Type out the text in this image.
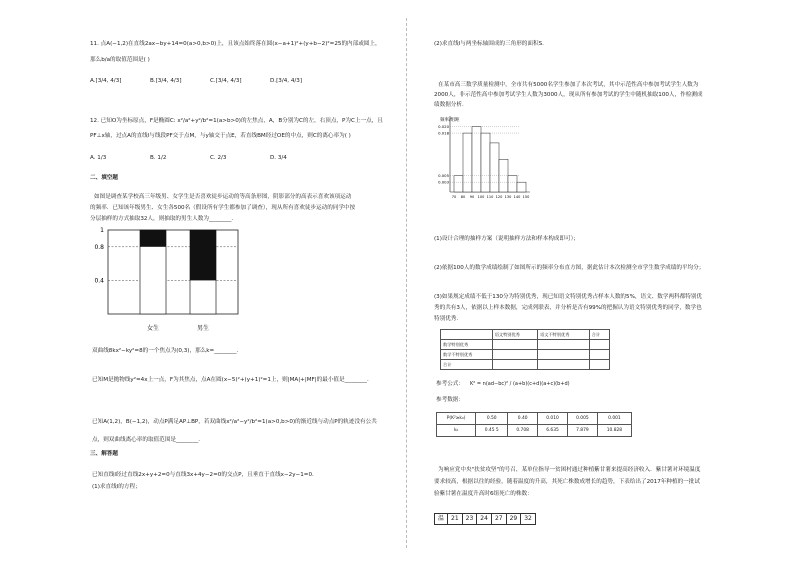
11. 点A(−1,2)在直线2ax−by+14=0(a>0,b>0)上，且该点始终落在圆(x−a+1)²+(y+b−2)²=25的内部或圆上，
那么b/a的取值范围是( )
A.[3/4, 4/3]	B.[3/4, 4/3]	C.[3/4, 4/3]	D.[3/4, 4/3]
12. 已知O为坐标原点，F是椭圆C: x²/a²+y²/b²=1(a>b>0)的左焦点，A，B分别为C的左，右顶点，P为C上一点，且
PF⊥x轴，过点A的直线l与线段PF交于点M，与y轴交于点E，若直线BM经过OE的中点，则C的离心率为( )
A. 1/3	B. 1/2	C. 2/3	D. 3/4
二、填空题
如图是调查某学校高三年级男、女学生是否喜欢徒步运动的等高条形图，阴影部分的高表示喜欢该项运动
的频率．已知该年级男生、女生各500名（假设所有学生都参加了调查），现从所有喜欢徒步运动的同学中按
分层抽样的方式抽取32人，则抽取的男生人数为________.
1
0.8
0.4
女生	男生
双曲线8kx²−ky²=8的一个焦点为(0,3)，那么k=________.
已知M是抛物线y²=4x上一点，F为其焦点，点A在圆(x−5)²+(y+1)²=1上，则|MA|+|MF|的最小值是________.
已知A(1,2)，B(−1,2)，动点P满足AP⊥BP，若双曲线x²/a²−y²/b²=1(a>0,b>0)的渐近线与动点P的轨迹没有公共
点，则双曲线离心率的取值范围是________.
三、解答题
已知直线l经过直线2x+y+2=0与直线3x+4y−2=0的交点P，且垂直于直线x−2y−1=0.
(1)求直线l的方程；
(2)求直线l与两坐标轴围成的三角形的面积S.
在某市高三数学质量检测中，全市共有5000名学生参加了本次考试，其中示范性高中参加考试学生人数为
2000人，非示范性高中参加考试学生人数为3000人，现从所有参加考试的学生中随机抽取100人，作检测成
绩数据分析．
频率/组距
0.020
0.018
0.005
0.003
70 80 90 100 110 120 130 140 150
(1)设计合理的抽样方案（说明抽样方法和样本构成即可）；
(2)依据100人的数学成绩绘制了如图所示的频率分布直方图，据此估计本次检测全市学生数学成绩的平均分；
(3)如果规定成绩不低于130分为特别优秀，现已知语文特别优秀占样本人数的5%，语文、数学两科都特别优
秀的共有3人，依据以上样本数据，完成列联表，并分析是否有99%的把握认为语文特别优秀的同学，数学也
特别优秀.
	语文特别优秀	语文不特别优秀	合计
数学特别优秀			
数学不特别优秀			
合计			
参考公式： K² = n(ad−bc)² / (a+b)(c+d)(a+c)(b+d)
参考数据：
P(K²≥k₀)	0.50	0.40	0.010	0.005	0.001
k₀	0.45 5	0.708	6.635	7.879	10.828
为响应党中央"扶贫攻坚"的号召，某单位指导一贫困村通过种植紫甘薯来提高经济收入．紫甘薯对环境温度
要求较高，根据以往的经验，随着温度的升高，其死亡株数成增长的趋势，下表给出了2017年种植的一批试
验紫甘薯在温度升高时6组死亡的株数：
温	21	23	24	27	29	32
